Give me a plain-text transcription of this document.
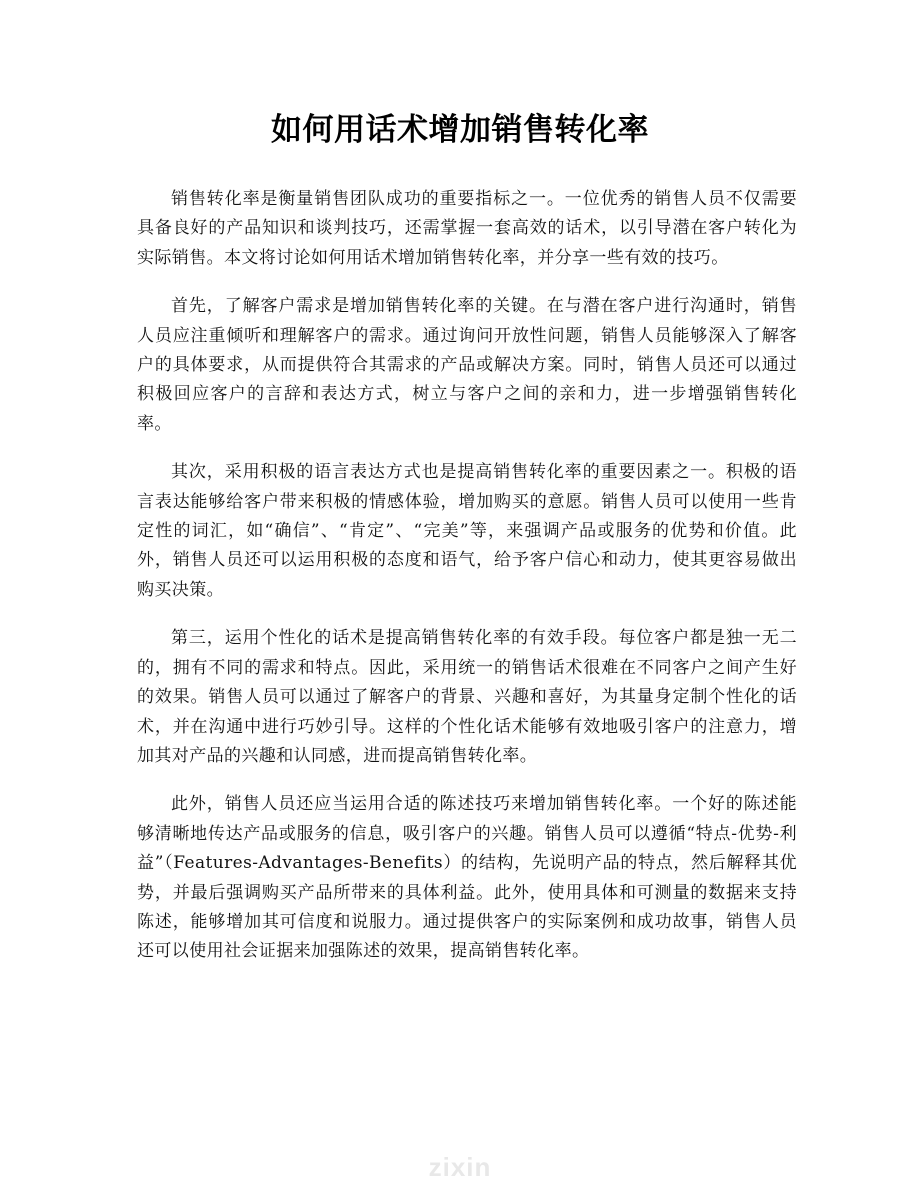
如何用话术增加销售转化率

销售转化率是衡量销售团队成功的重要指标之一。一位优秀的销售人员不仅需要具备良好的产品知识和谈判技巧，还需掌握一套高效的话术，以引导潜在客户转化为实际销售。本文将讨论如何用话术增加销售转化率，并分享一些有效的技巧。

首先，了解客户需求是增加销售转化率的关键。在与潜在客户进行沟通时，销售人员应注重倾听和理解客户的需求。通过询问开放性问题，销售人员能够深入了解客户的具体要求，从而提供符合其需求的产品或解决方案。同时，销售人员还可以通过积极回应客户的言辞和表达方式，树立与客户之间的亲和力，进一步增强销售转化率。

其次，采用积极的语言表达方式也是提高销售转化率的重要因素之一。积极的语言表达能够给客户带来积极的情感体验，增加购买的意愿。销售人员可以使用一些肯定性的词汇，如“确信”、“肯定”、“完美”等，来强调产品或服务的优势和价值。此外，销售人员还可以运用积极的态度和语气，给予客户信心和动力，使其更容易做出购买决策。

第三，运用个性化的话术是提高销售转化率的有效手段。每位客户都是独一无二的，拥有不同的需求和特点。因此，采用统一的销售话术很难在不同客户之间产生好的效果。销售人员可以通过了解客户的背景、兴趣和喜好，为其量身定制个性化的话术，并在沟通中进行巧妙引导。这样的个性化话术能够有效地吸引客户的注意力，增加其对产品的兴趣和认同感，进而提高销售转化率。

此外，销售人员还应当运用合适的陈述技巧来增加销售转化率。一个好的陈述能够清晰地传达产品或服务的信息，吸引客户的兴趣。销售人员可以遵循“特点-优势-利益”（Features-Advantages-Benefits）的结构，先说明产品的特点，然后解释其优势，并最后强调购买产品所带来的具体利益。此外，使用具体和可测量的数据来支持陈述，能够增加其可信度和说服力。通过提供客户的实际案例和成功故事，销售人员还可以使用社会证据来加强陈述的效果，提高销售转化率。

zixin
